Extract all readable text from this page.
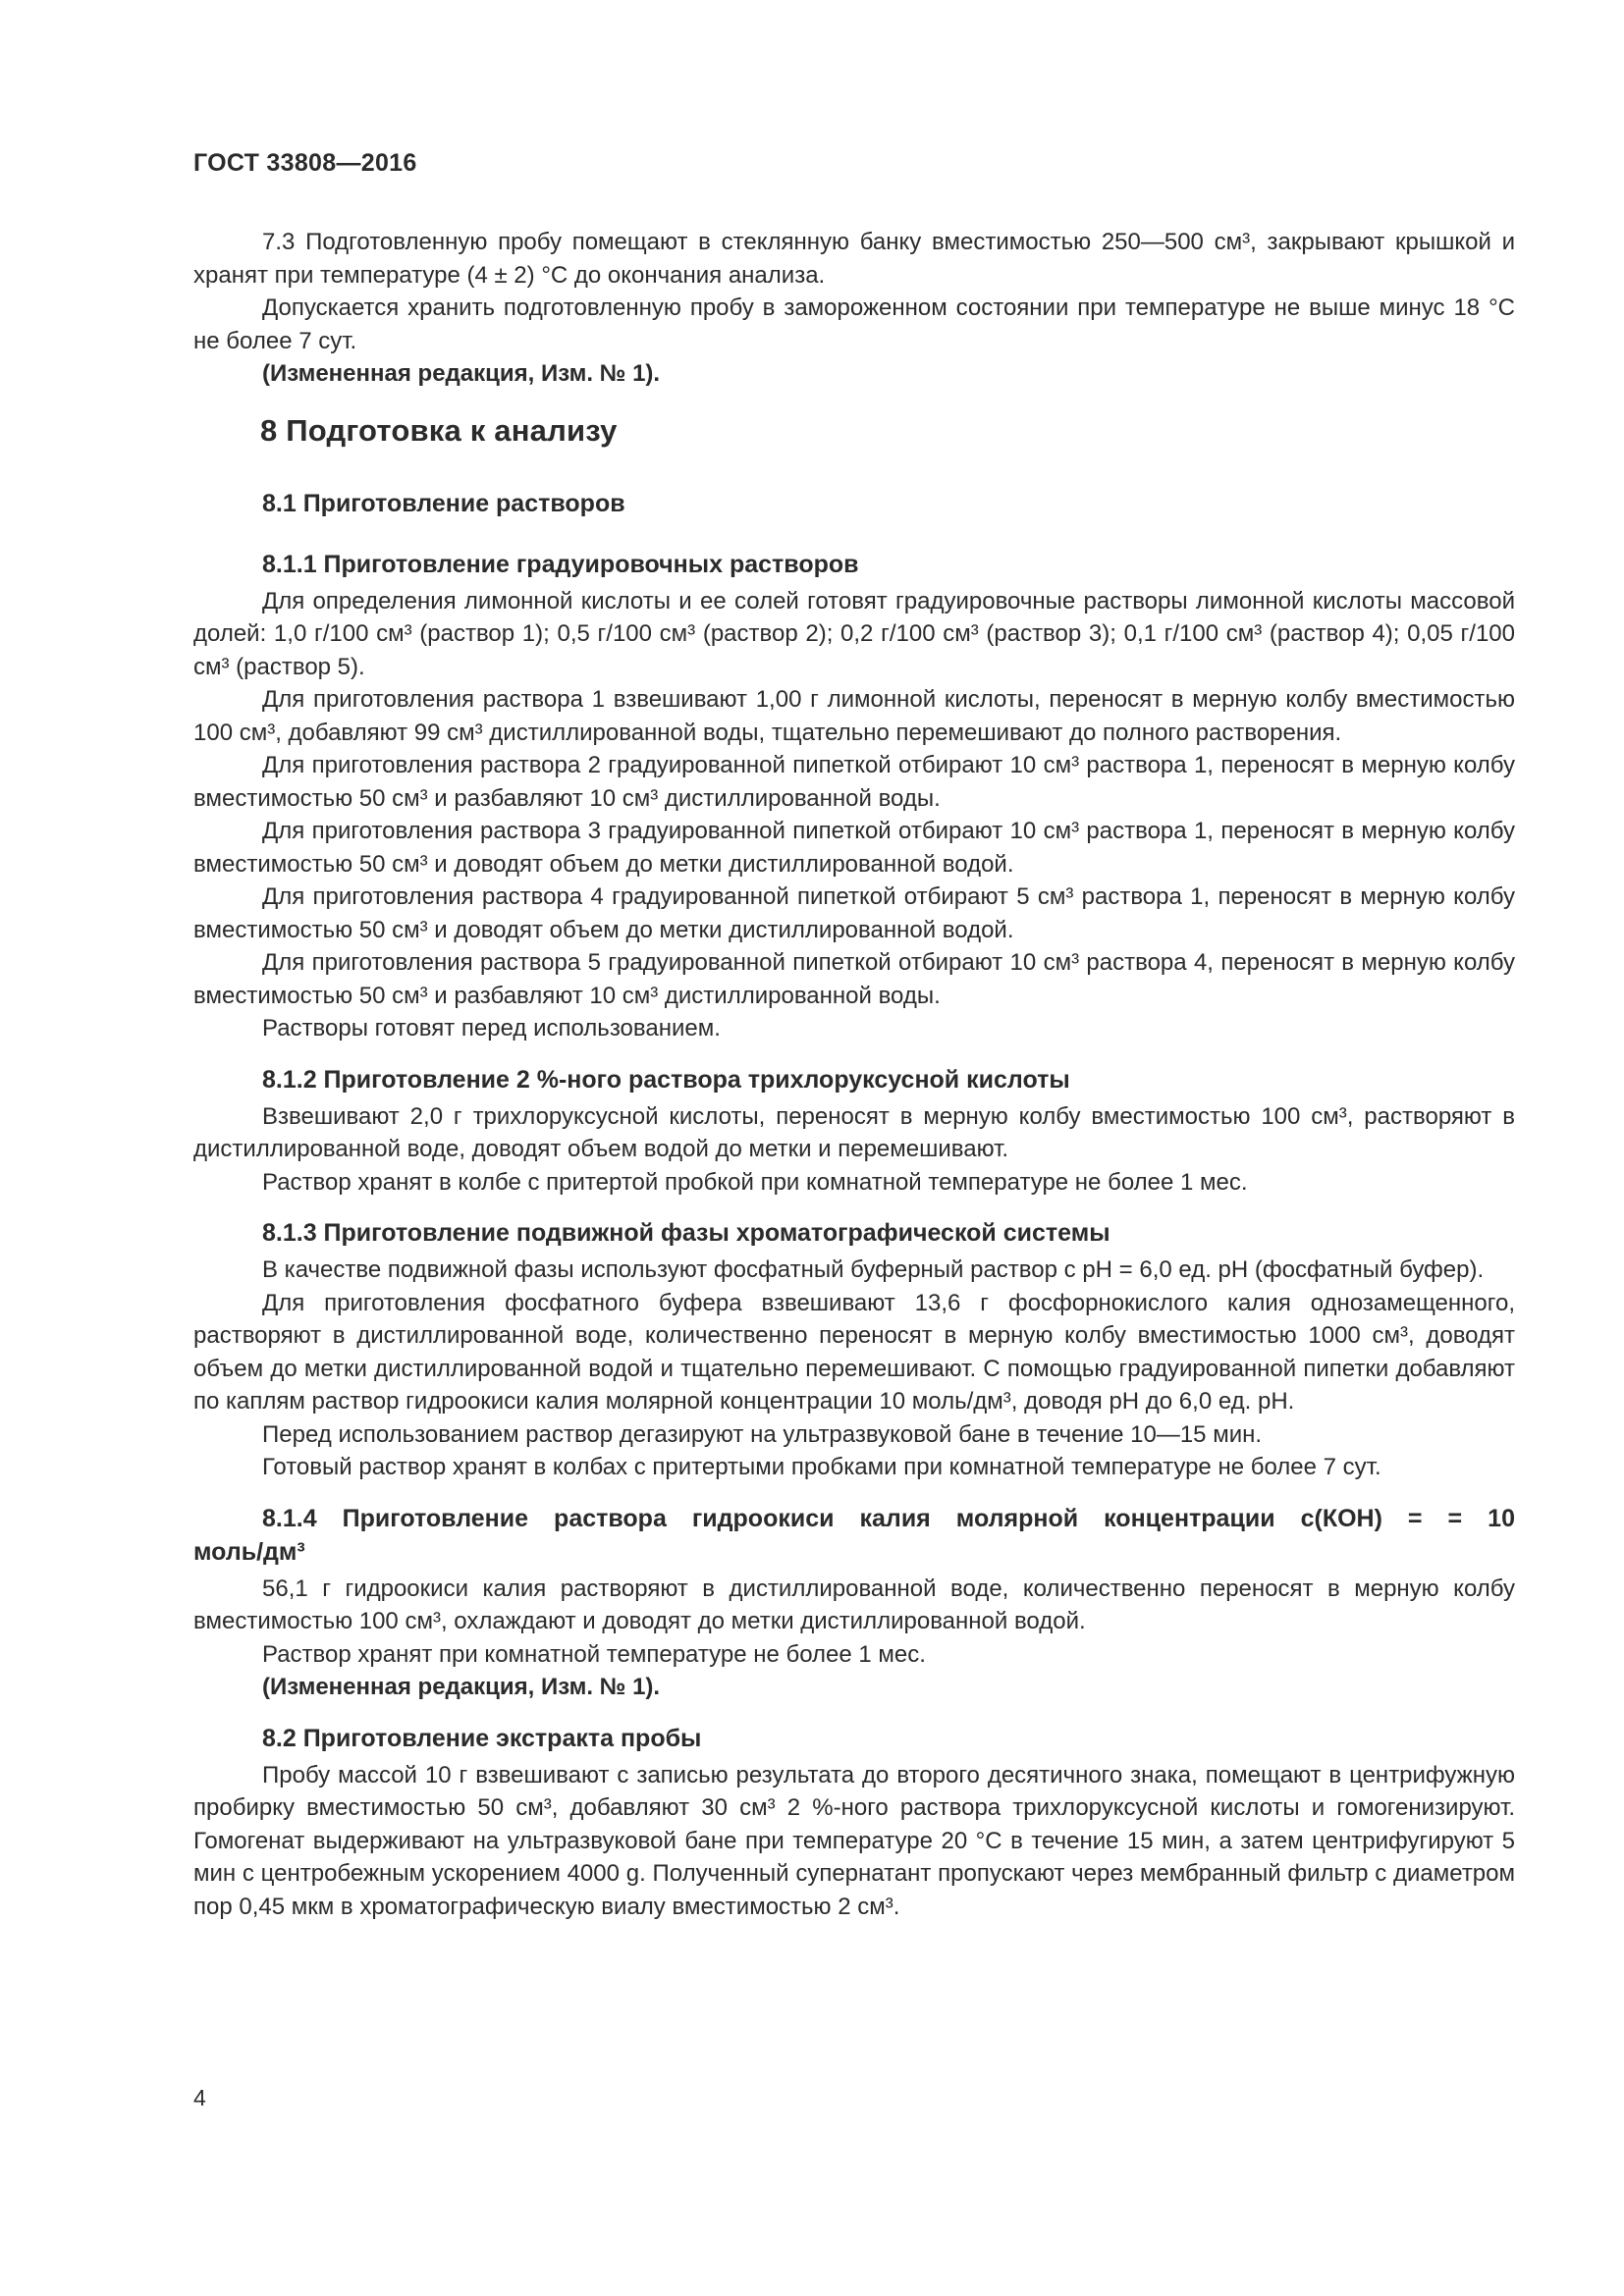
ГОСТ 33808—2016

7.3 Подготовленную пробу помещают в стеклянную банку вместимостью 250—500 см³, закрывают крышкой и хранят при температуре (4 ± 2) °С до окончания анализа.

Допускается хранить подготовленную пробу в замороженном состоянии при температуре не выше минус 18 °С не более 7 сут.

(Измененная редакция, Изм. № 1).

8 Подготовка к анализу
8.1 Приготовление растворов
8.1.1 Приготовление градуировочных растворов

Для определения лимонной кислоты и ее солей готовят градуировочные растворы лимонной кислоты массовой долей: 1,0 г/100 см³ (раствор 1); 0,5 г/100 см³ (раствор 2); 0,2 г/100 см³ (раствор 3); 0,1 г/100 см³ (раствор 4); 0,05 г/100 см³ (раствор 5).

Для приготовления раствора 1 взвешивают 1,00 г лимонной кислоты, переносят в мерную колбу вместимостью 100 см³, добавляют 99 см³ дистиллированной воды, тщательно перемешивают до полного растворения.

Для приготовления раствора 2 градуированной пипеткой отбирают 10 см³ раствора 1, переносят в мерную колбу вместимостью 50 см³ и разбавляют 10 см³ дистиллированной воды.

Для приготовления раствора 3 градуированной пипеткой отбирают 10 см³ раствора 1, переносят в мерную колбу вместимостью 50 см³ и доводят объем до метки дистиллированной водой.

Для приготовления раствора 4 градуированной пипеткой отбирают 5 см³ раствора 1, переносят в мерную колбу вместимостью 50 см³ и доводят объем до метки дистиллированной водой.

Для приготовления раствора 5 градуированной пипеткой отбирают 10 см³ раствора 4, переносят в мерную колбу вместимостью 50 см³ и разбавляют 10 см³ дистиллированной воды.

Растворы готовят перед использованием.

8.1.2 Приготовление 2 %-ного раствора трихлоруксусной кислоты

Взвешивают 2,0 г трихлоруксусной кислоты, переносят в мерную колбу вместимостью 100 см³, растворяют в дистиллированной воде, доводят объем водой до метки и перемешивают.

Раствор хранят в колбе с притертой пробкой при комнатной температуре не более 1 мес.

8.1.3 Приготовление подвижной фазы хроматографической системы

В качестве подвижной фазы используют фосфатный буферный раствор с рН = 6,0 ед. рН (фосфатный буфер).

Для приготовления фосфатного буфера взвешивают 13,6 г фосфорнокислого калия однозамещенного, растворяют в дистиллированной воде, количественно переносят в мерную колбу вместимостью 1000 см³, доводят объем до метки дистиллированной водой и тщательно перемешивают. С помощью градуированной пипетки добавляют по каплям раствор гидроокиси калия молярной концентрации 10 моль/дм³, доводя рН до 6,0 ед. рН.

Перед использованием раствор дегазируют на ультразвуковой бане в течение 10—15 мин.

Готовый раствор хранят в колбах с притертыми пробками при комнатной температуре не более 7 сут.

8.1.4 Приготовление раствора гидроокиси калия молярной концентрации с(КОН) = = 10 моль/дм³

56,1 г гидроокиси калия растворяют в дистиллированной воде, количественно переносят в мерную колбу вместимостью 100 см³, охлаждают и доводят до метки дистиллированной водой.

Раствор хранят при комнатной температуре не более 1 мес.

(Измененная редакция, Изм. № 1).

8.2 Приготовление экстракта пробы

Пробу массой 10 г взвешивают с записью результата до второго десятичного знака, помещают в центрифужную пробирку вместимостью 50 см³, добавляют 30 см³ 2 %-ного раствора трихлоруксусной кислоты и гомогенизируют. Гомогенат выдерживают на ультразвуковой бане при температуре 20 °С в течение 15 мин, а затем центрифугируют 5 мин с центробежным ускорением 4000 g. Полученный супернатант пропускают через мембранный фильтр с диаметром пор 0,45 мкм в хроматографическую виалу вместимостью 2 см³.

4
